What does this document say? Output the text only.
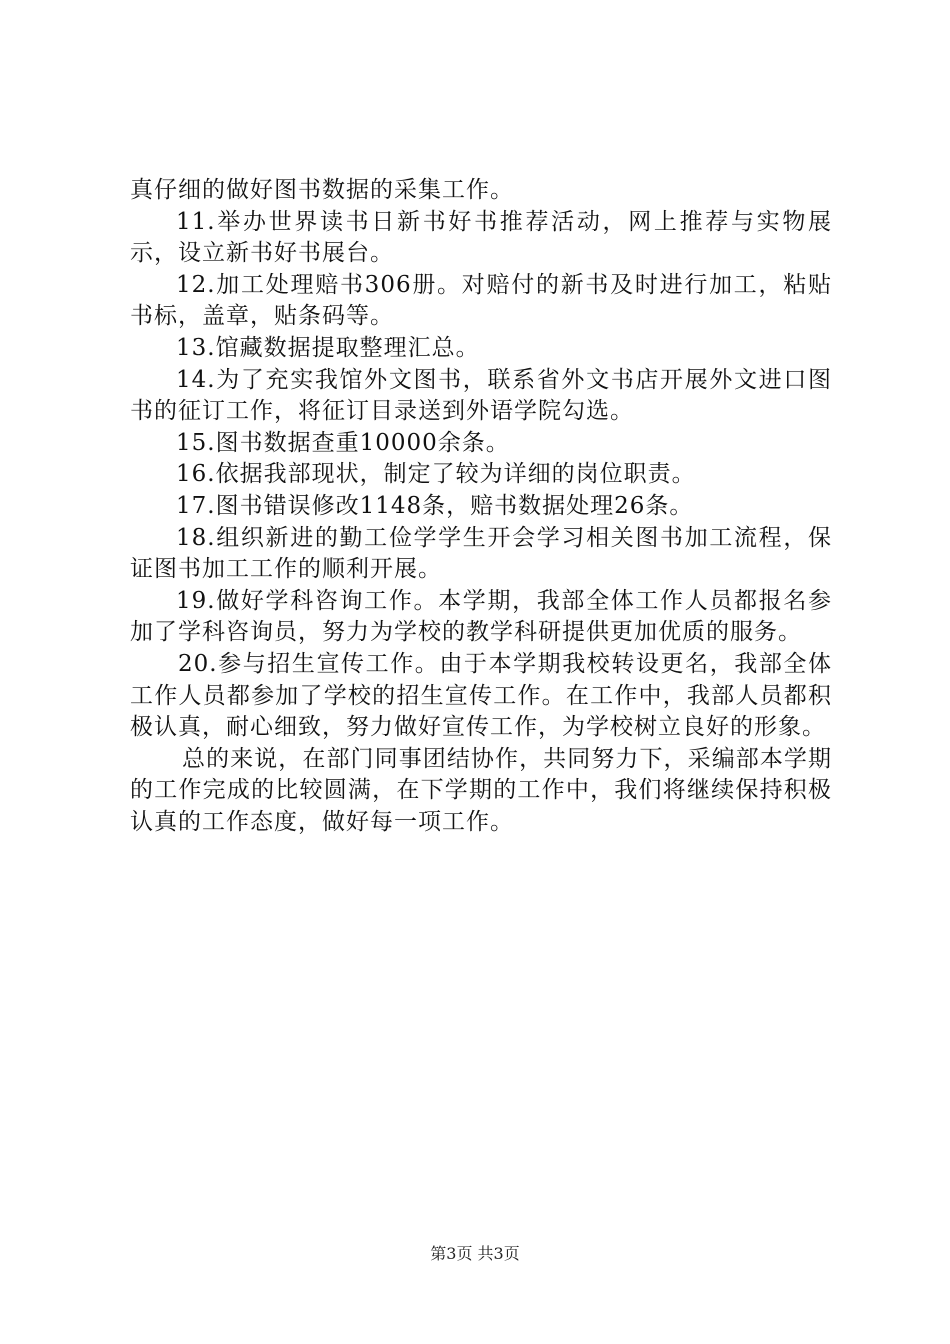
真仔细的做好图书数据的采集工作。

11.举办世界读书日新书好书推荐活动，网上推荐与实物展示，设立新书好书展台。

12.加工处理赔书306册。对赔付的新书及时进行加工，粘贴书标，盖章，贴条码等。

13.馆藏数据提取整理汇总。

14.为了充实我馆外文图书，联系省外文书店开展外文进口图书的征订工作，将征订目录送到外语学院勾选。

15.图书数据查重10000余条。

16.依据我部现状，制定了较为详细的岗位职责。

17.图书错误修改1148条，赔书数据处理26条。

18.组织新进的勤工俭学学生开会学习相关图书加工流程，保证图书加工工作的顺利开展。

19.做好学科咨询工作。本学期，我部全体工作人员都报名参加了学科咨询员，努力为学校的教学科研提供更加优质的服务。

20.参与招生宣传工作。由于本学期我校转设更名，我部全体工作人员都参加了学校的招生宣传工作。在工作中，我部人员都积极认真，耐心细致，努力做好宣传工作，为学校树立良好的形象。

总的来说，在部门同事团结协作，共同努力下，采编部本学期的工作完成的比较圆满，在下学期的工作中，我们将继续保持积极认真的工作态度，做好每一项工作。

第3页 共3页
